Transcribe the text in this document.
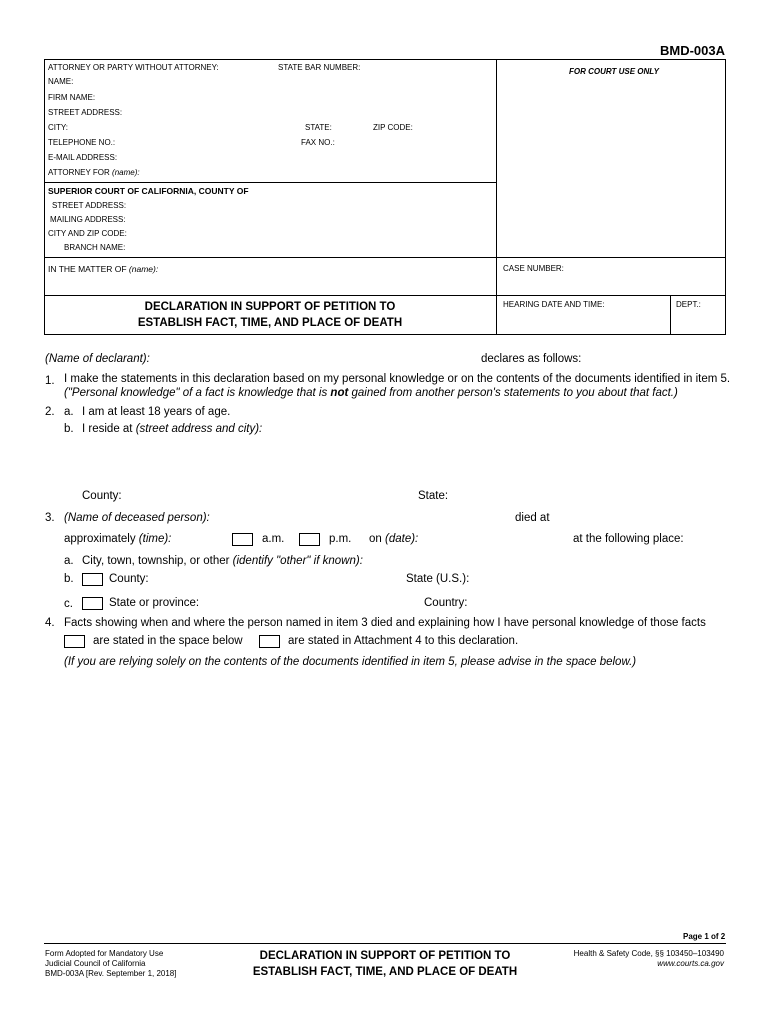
BMD-003A
ATTORNEY OR PARTY WITHOUT ATTORNEY:	STATE BAR NUMBER:	FOR COURT USE ONLY
NAME:
FIRM NAME:
STREET ADDRESS:
CITY:	STATE:	ZIP CODE:
TELEPHONE NO.:	FAX NO.:
E-MAIL ADDRESS:
ATTORNEY FOR (name):
SUPERIOR COURT OF CALIFORNIA, COUNTY OF
STREET ADDRESS:
MAILING ADDRESS:
CITY AND ZIP CODE:
BRANCH NAME:
IN THE MATTER OF (name):	CASE NUMBER:
DECLARATION IN SUPPORT OF PETITION TO
ESTABLISH FACT, TIME, AND PLACE OF DEATH
HEARING DATE AND TIME:	DEPT.:
(Name of declarant):	declares as follows:
1. I make the statements in this declaration based on my personal knowledge or on the contents of the documents identified in item 5.
("Personal knowledge" of a fact is knowledge that is not gained from another person's statements to you about that fact.)
2. a. I am at least 18 years of age.
b. I reside at (street address and city):
County:	State:
3. (Name of deceased person):	died at
approximately (time):	a.m.	p.m. on (date):	at the following place:
a. City, town, township, or other (identify "other" if known):
b.	County:	State (U.S.):
c.	State or province:	Country:
4. Facts showing when and where the person named in item 3 died and explaining how I have personal knowledge of those facts
are stated in the space below	are stated in Attachment 4 to this declaration.
(If you are relying solely on the contents of the documents identified in item 5, please advise in the space below.)
Page 1 of 2
Form Adopted for Mandatory Use
Judicial Council of California
BMD-003A [Rev. September 1, 2018]
DECLARATION IN SUPPORT OF PETITION TO
ESTABLISH FACT, TIME, AND PLACE OF DEATH
Health & Safety Code, §§ 103450–103490
www.courts.ca.gov
